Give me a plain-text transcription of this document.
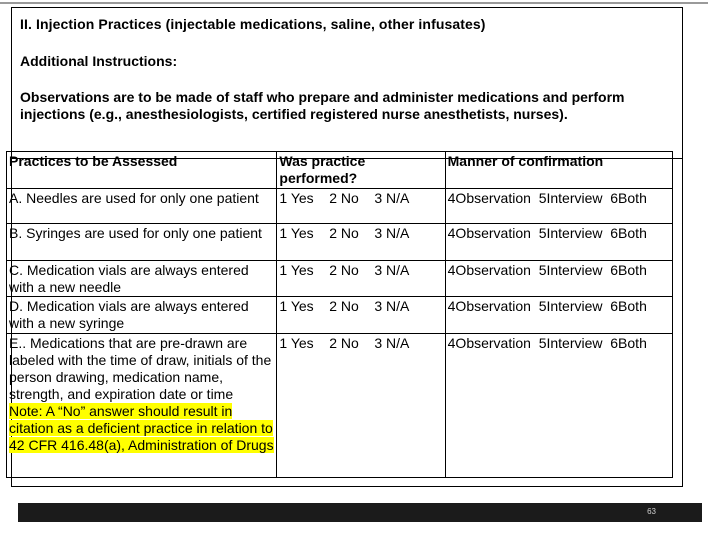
II. Injection Practices (injectable medications, saline, other infusates)
Additional Instructions:
Observations are to be made of staff who prepare and administer medications and perform injections (e.g., anesthesiologists, certified registered nurse anesthetists, nurses).
Practices to be Assessed	Was practice performed?	Manner of confirmation
A. Needles are used for only one patient	1 Yes    2 No    3 N/A	4Observation  5Interview  6Both
B. Syringes are used for only one patient	1 Yes    2 No    3 N/A	4Observation  5Interview  6Both
C. Medication vials are always entered with a new needle	1 Yes    2 No    3 N/A	4Observation  5Interview  6Both
D. Medication vials are always entered with a new syringe	1 Yes    2 No    3 N/A	4Observation  5Interview  6Both

E.. Medications that are pre-drawn are labeled with the time of draw, initials of the person drawing, medication name, strength, and expiration date or time
Note: A “No” answer should result in citation as a deficient practice in relation to 42 CFR 416.48(a), Administration of Drugs	1 Yes    2 No    3 N/A	4Observation  5Interview  6Both
63
